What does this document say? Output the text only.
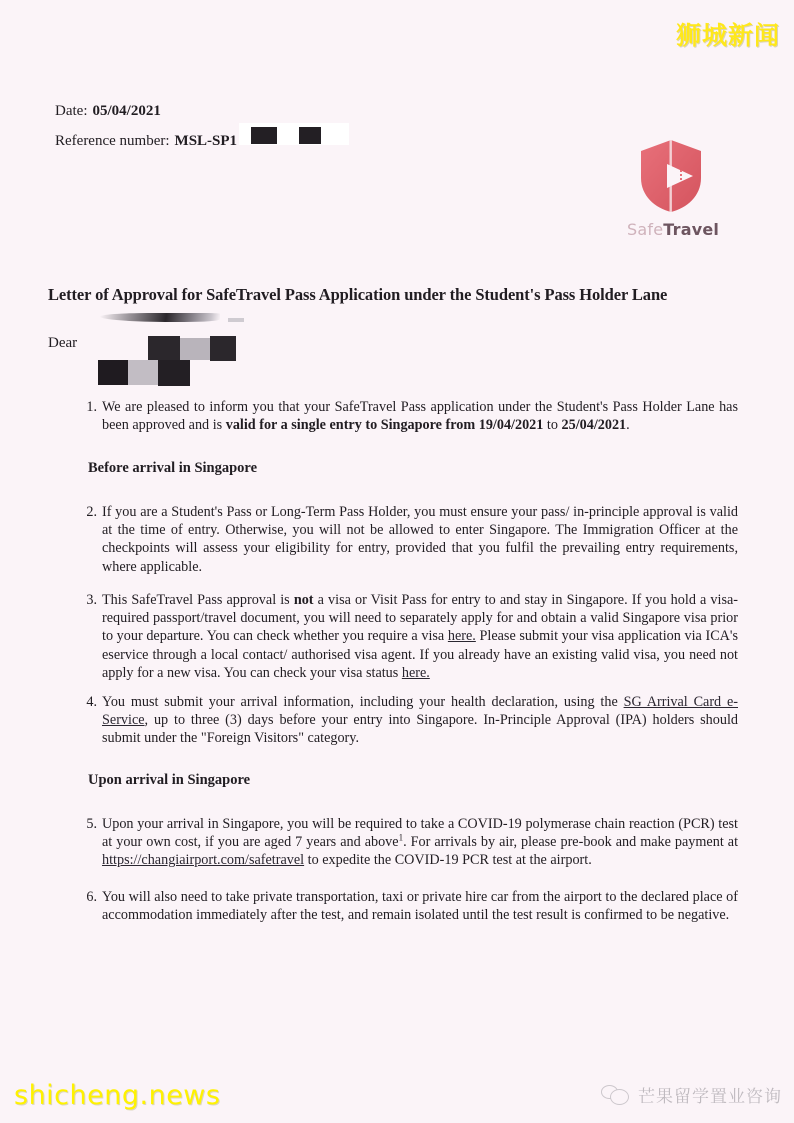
狮城新闻
Date: 05/04/2021
Reference number: MSL-SP1
SafeTravel
Letter of Approval for SafeTravel Pass Application under the Student's Pass Holder Lane
Dear
1. We are pleased to inform you that your SafeTravel Pass application under the Student's Pass Holder Lane has been approved and is valid for a single entry to Singapore from 19/04/2021 to 25/04/2021.
Before arrival in Singapore
2. If you are a Student's Pass or Long-Term Pass Holder, you must ensure your pass/ in-principle approval is valid at the time of entry. Otherwise, you will not be allowed to enter Singapore. The Immigration Officer at the checkpoints will assess your eligibility for entry, provided that you fulfil the prevailing entry requirements, where applicable.
3. This SafeTravel Pass approval is not a visa or Visit Pass for entry to and stay in Singapore. If you hold a visa-required passport/travel document, you will need to separately apply for and obtain a valid Singapore visa prior to your departure. You can check whether you require a visa here. Please submit your visa application via ICA's eservice through a local contact/ authorised visa agent. If you already have an existing valid visa, you need not apply for a new visa. You can check your visa status here.
4. You must submit your arrival information, including your health declaration, using the SG Arrival Card e-Service, up to three (3) days before your entry into Singapore. In-Principle Approval (IPA) holders should submit under the "Foreign Visitors" category.
Upon arrival in Singapore
5. Upon your arrival in Singapore, you will be required to take a COVID-19 polymerase chain reaction (PCR) test at your own cost, if you are aged 7 years and above$^1$. For arrivals by air, please pre-book and make payment at https://changiairport.com/safetravel to expedite the COVID-19 PCR test at the airport.
6. You will also need to take private transportation, taxi or private hire car from the airport to the declared place of accommodation immediately after the test, and remain isolated until the test result is confirmed to be negative.
shicheng.news	芒果留学置业咨询
